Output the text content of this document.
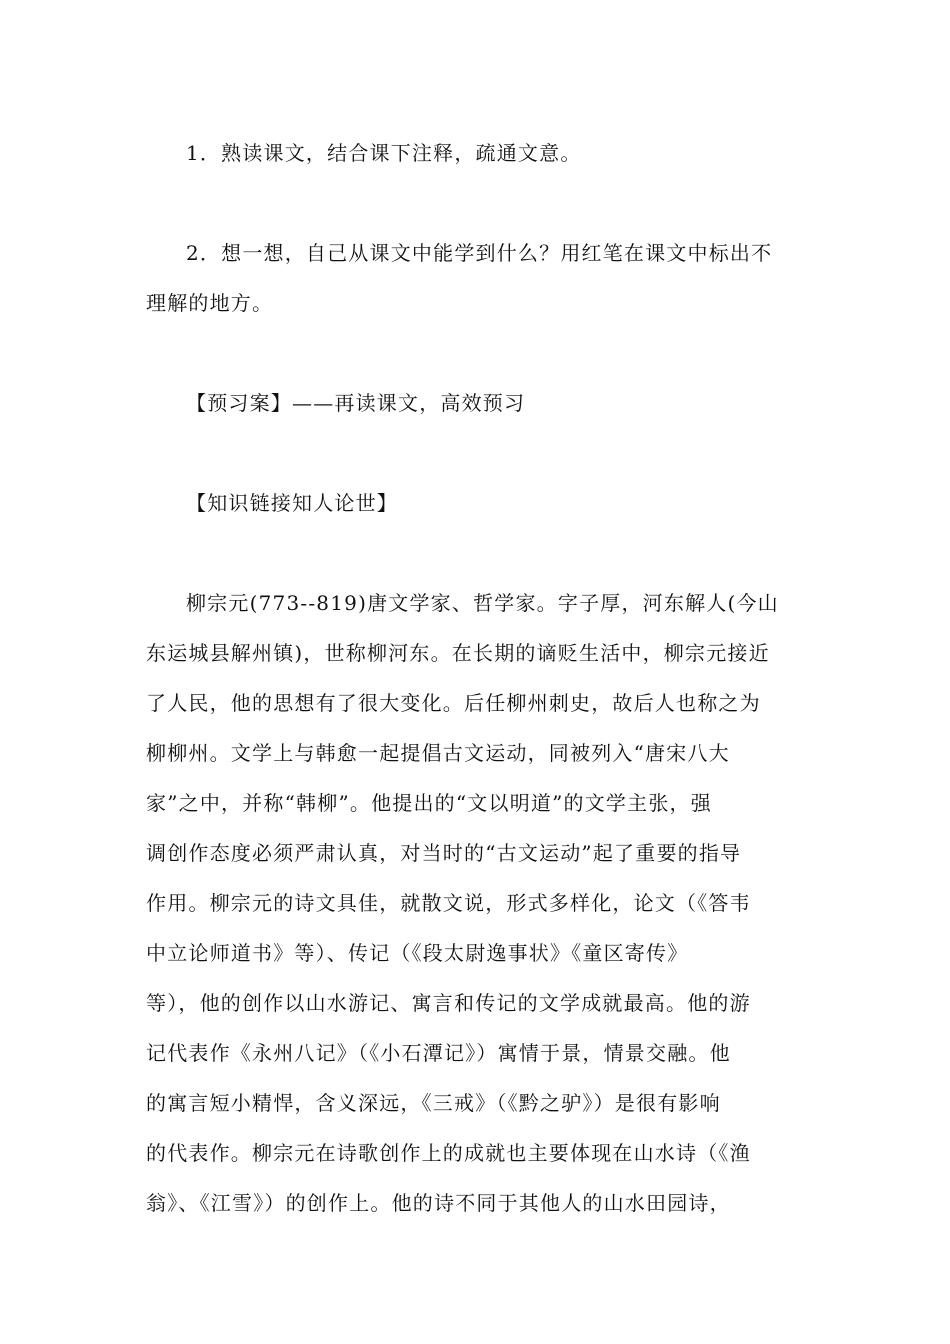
1．熟读课文，结合课下注释，疏通文意。

2．想一想，自己从课文中能学到什么？用红笔在课文中标出不
理解的地方。

【预习案】——再读课文，高效预习

【知识链接知人论世】

柳宗元(773--819)唐文学家、哲学家。字子厚，河东解人(今山
东运城县解州镇)，世称柳河东。在长期的谪贬生活中，柳宗元接近
了人民，他的思想有了很大变化。后任柳州刺史，故后人也称之为
柳柳州。文学上与韩愈一起提倡古文运动，同被列入“唐宋八大
家”之中，并称“韩柳”。他提出的“文以明道”的文学主张，强
调创作态度必须严肃认真，对当时的“古文运动”起了重要的指导
作用。柳宗元的诗文具佳，就散文说，形式多样化，论文（《答韦
中立论师道书》等）、传记（《段太尉逸事状》《童区寄传》
等），他的创作以山水游记、寓言和传记的文学成就最高。他的游
记代表作《永州八记》（《小石潭记》）寓情于景，情景交融。他
的寓言短小精悍，含义深远，《三戒》（《黔之驴》）是很有影响
的代表作。柳宗元在诗歌创作上的成就也主要体现在山水诗（《渔
翁》、《江雪》）的创作上。他的诗不同于其他人的山水田园诗，
